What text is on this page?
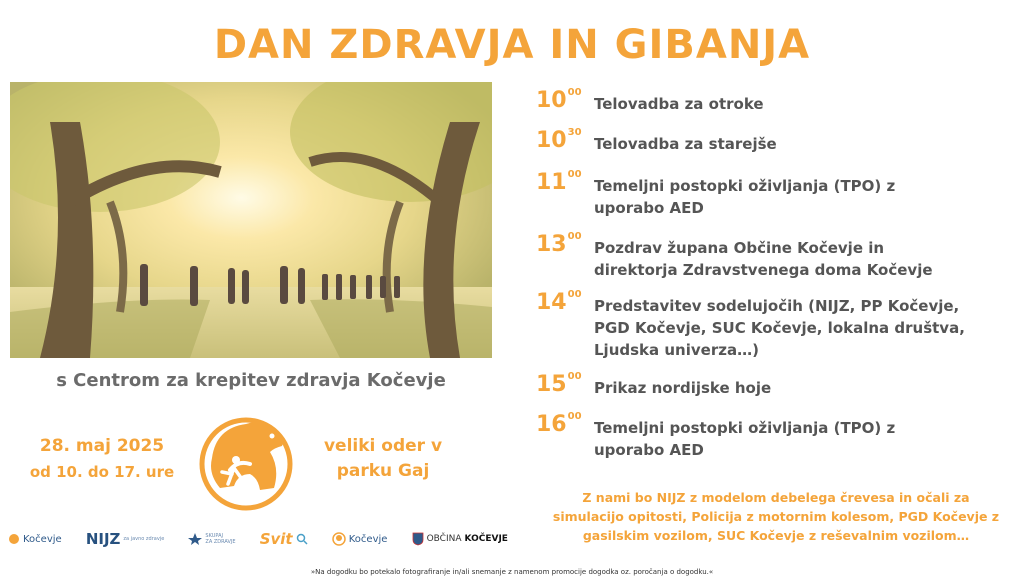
DAN ZDRAVJA IN GIBANJA
s Centrom za krepitev zdravja Kočevje
28. maj 2025
od 10. do 17. ure
veliki oder v
parku Gaj
Kočevje NIJZ za javno zdravje	SKUPAJ
ZA ZDRAVJE Svit	Kočevje	OBČINA KOČEVJE
$10^{00}$
Telovadba za otroke
$10^{30}$
Telovadba za starejše
$11^{00}$
Temeljni postopki oživljanja (TPO) z
uporabo AED
$13^{00}$
Pozdrav župana Občine Kočevje in
direktorja Zdravstvenega doma Kočevje
$14^{00}$
Predstavitev sodelujočih (NIJZ, PP Kočevje,
PGD Kočevje, SUC Kočevje, lokalna društva,
Ljudska univerza…)
$15^{00}$
Prikaz nordijske hoje
$16^{00}$
Temeljni postopki oživljanja (TPO) z
uporabo AED
Z nami bo NIJZ z modelom debelega črevesa in očali za
simulacijo opitosti, Policija z motornim kolesom, PGD Kočevje z
gasilskim vozilom, SUC Kočevje z reševalnim vozilom…
»Na dogodku bo potekalo fotografiranje in/ali snemanje z namenom promocije dogodka oz. poročanja o dogodku.«
